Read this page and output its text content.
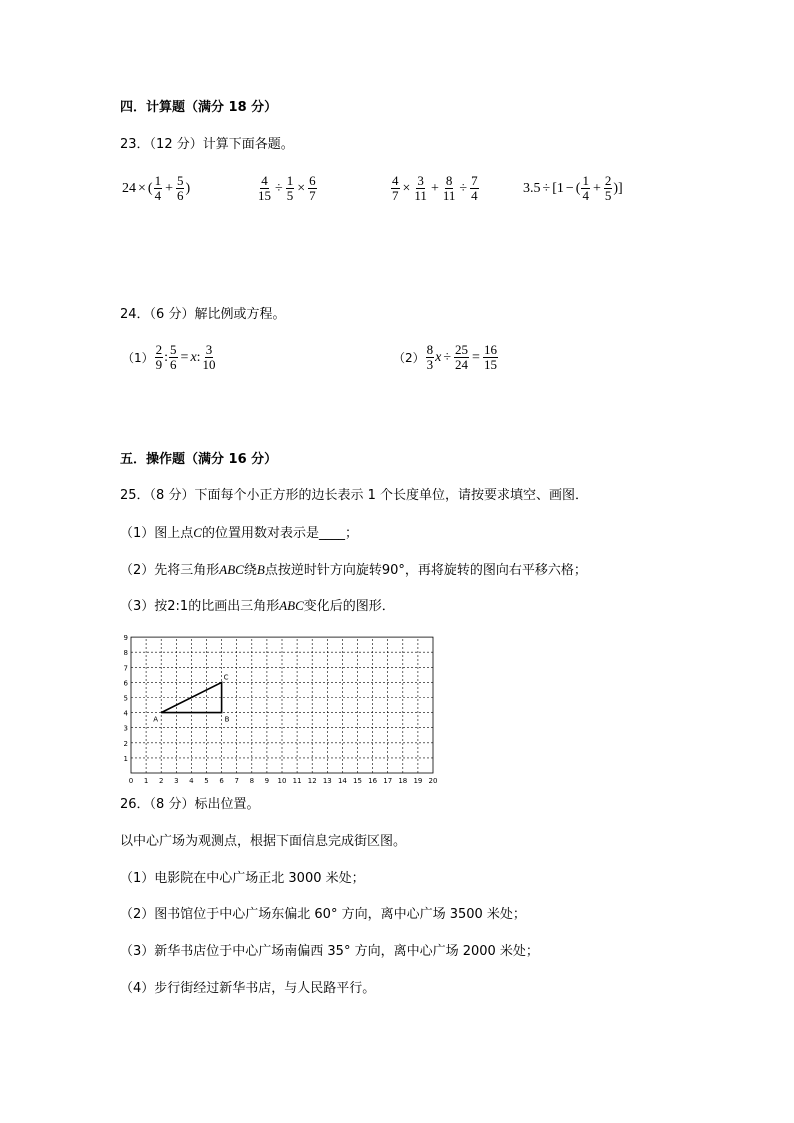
四．计算题（满分 18 分）
23．（12 分）计算下面各题。
24 × ( $\frac{1}{4} + \frac{5}{6}$ )	$\frac{4}{15} \div \frac{1}{5} \times \frac{6}{7}$	$\frac{4}{7} \times \frac{3}{11} + \frac{8}{11} \div \frac{7}{4}$	3.5 ÷ [1 − ( $\frac{1}{4} + \frac{2}{5}$ )]
24．（6 分）解比例或方程。
$(1) \frac{2}{9}$ : $\frac{5}{6} = x$ : $\frac{3}{10}$	$(2) \frac{8}{3}$ $x \div \frac{25}{24} = \frac{16}{15}$
五．操作题（满分 16 分）
25．（8 分）下面每个小正方形的边长表示 1 个长度单位，请按要求填空、画图．
（1）图上点C的位置用数对表示是____；
（2）先将三角形ABC绕B点按逆时针方向旋转90°，再将旋转的图向右平移六格；
（3）按2:1的比画出三角形ABC变化后的图形．
0 1 2 3 4 5 6 7 8 9 10 11 12 13 14 15 16 17 18 19 20
1
2
3
4
5
6
7
8
9
A	B
C
26．（8 分）标出位置。
以中心广场为观测点，根据下面信息完成街区图。
（1）电影院在中心广场正北 3000 米处；
（2）图书馆位于中心广场东偏北 60° 方向，离中心广场 3500 米处；
（3）新华书店位于中心广场南偏西 35° 方向，离中心广场 2000 米处；
（4）步行街经过新华书店，与人民路平行。
